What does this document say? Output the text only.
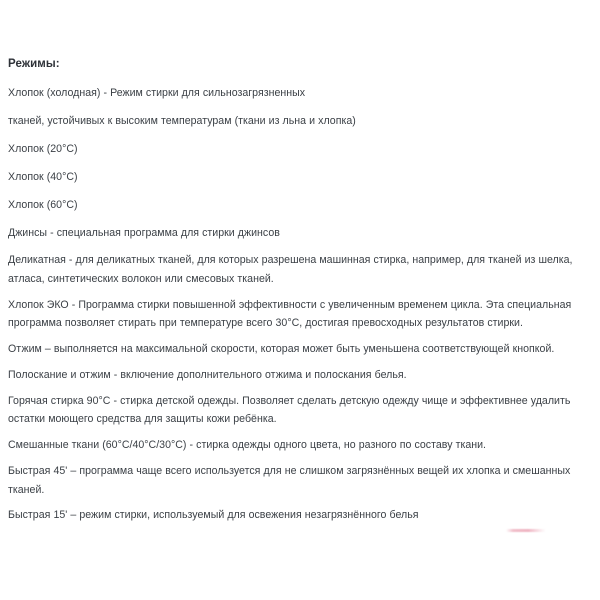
Режимы:

Хлопок (холодная) - Режим стирки для сильнозагрязненных

тканей, устойчивых к высоким температурам (ткани из льна и хлопка)

Хлопок (20°C)

Хлопок (40°C)

Хлопок (60°C)

Джинсы - специальная программа для стирки джинсов

Деликатная - для деликатных тканей, для которых разрешена машинная стирка, например, для тканей из шелка, атласа, синтетических волокон или смесовых тканей.

Хлопок ЭКО - Программа стирки повышенной эффективности с увеличенным временем цикла. Эта специальная программа позволяет стирать при температуре всего 30°C, достигая превосходных результатов стирки.

Отжим – выполняется на максимальной скорости, которая может быть уменьшена соответствующей кнопкой.

Полоскание и отжим - включение дополнительного отжима и полоскания белья.

Горячая стирка 90°C - стирка детской одежды. Позволяет сделать детскую одежду чище и эффективнее удалить остатки моющего средства для защиты кожи ребёнка.

Смешанные ткани (60°C/40°C/30°C) - стирка одежды одного цвета, но разного по составу ткани.

Быстрая 45' – программа чаще всего используется для не слишком загрязнённых вещей их хлопка и смешанных тканей.

Быстрая 15' – режим стирки, используемый для освежения незагрязнённого белья
